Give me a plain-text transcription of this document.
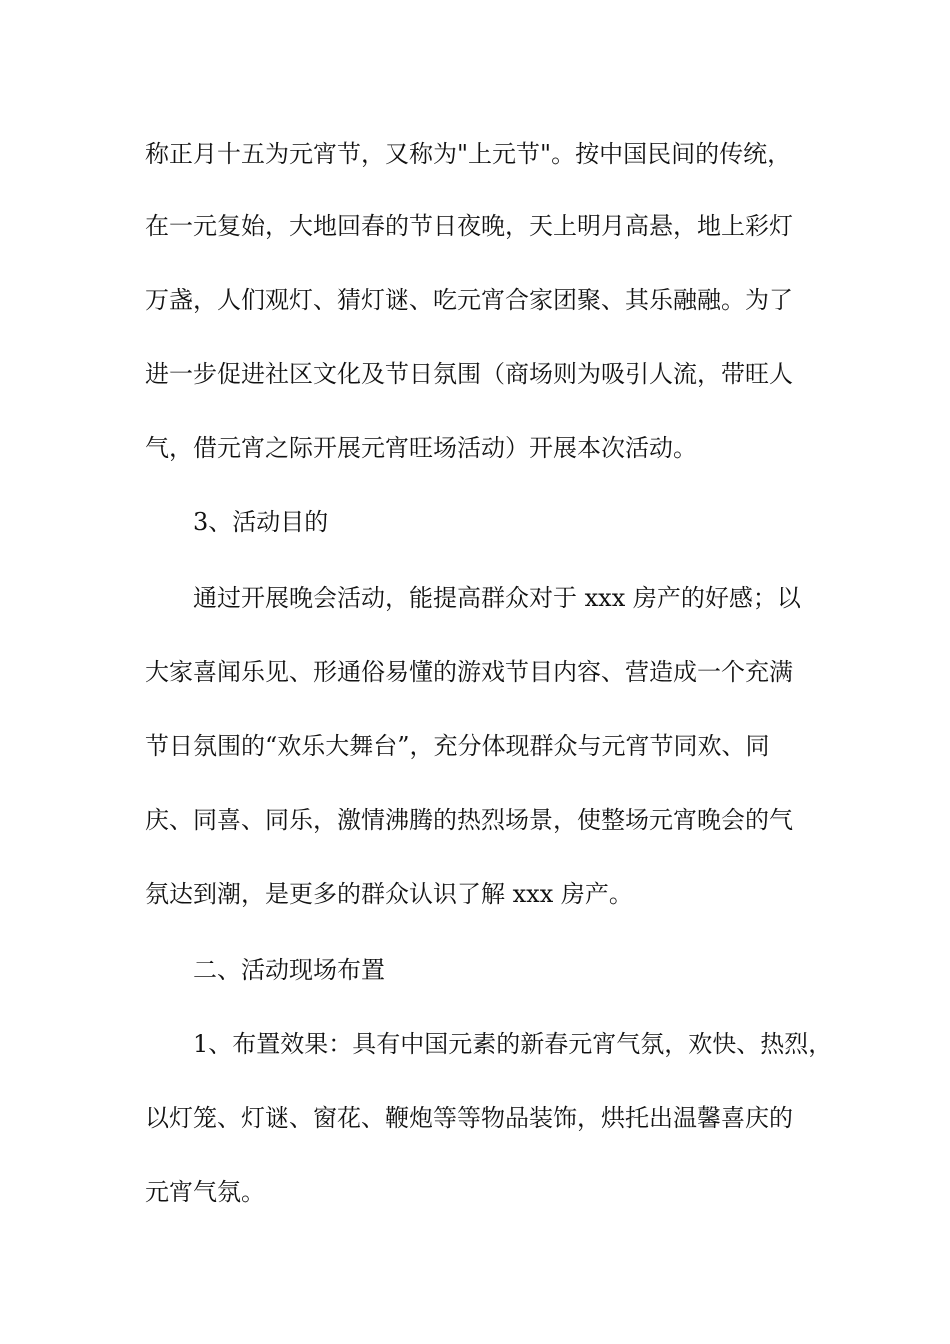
称正月十五为元宵节，又称为"上元节"。按中国民间的传统，
在一元复始，大地回春的节日夜晚，天上明月高悬，地上彩灯
万盏，人们观灯、猜灯谜、吃元宵合家团聚、其乐融融。为了
进一步促进社区文化及节日氛围（商场则为吸引人流，带旺人
气，借元宵之际开展元宵旺场活动）开展本次活动。
3、活动目的
通过开展晚会活动，能提高群众对于 xxx 房产的好感；以
大家喜闻乐见、形通俗易懂的游戏节目内容、营造成一个充满
节日氛围的“欢乐大舞台”，充分体现群众与元宵节同欢、同
庆、同喜、同乐，激情沸腾的热烈场景，使整场元宵晚会的气
氛达到潮，是更多的群众认识了解 xxx 房产。
二、活动现场布置
1、布置效果：具有中国元素的新春元宵气氛，欢快、热烈，
以灯笼、灯谜、窗花、鞭炮等等物品装饰，烘托出温馨喜庆的
元宵气氛。
